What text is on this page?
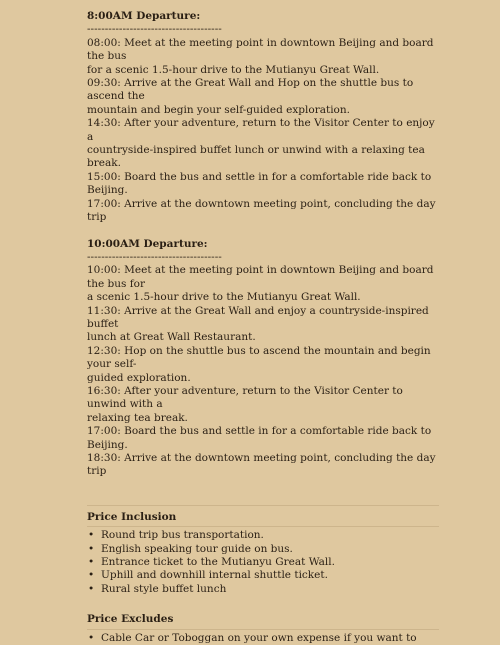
8:00AM Departure:

--------------------------------------

08:00: Meet at the meeting point in downtown Beijing and board the bus

for a scenic 1.5-hour drive to the Mutianyu Great Wall.

09:30: Arrive at the Great Wall and Hop on the shuttle bus to ascend the

mountain and begin your self-guided exploration.

14:30: After your adventure, return to the Visitor Center to enjoy a

countryside-inspired buffet lunch or unwind with a relaxing tea break.

15:00: Board the bus and settle in for a comfortable ride back to Beijing.

17:00: Arrive at the downtown meeting point, concluding the day trip

10:00AM Departure:

--------------------------------------

10:00: Meet at the meeting point in downtown Beijing and board the bus for

a scenic 1.5-hour drive to the Mutianyu Great Wall.

11:30: Arrive at the Great Wall and enjoy a countryside-inspired buffet

lunch at Great Wall Restaurant.

12:30: Hop on the shuttle bus to ascend the mountain and begin your self-

guided exploration.

16:30: After your adventure, return to the Visitor Center to unwind with a

relaxing tea break.

17:00: Board the bus and settle in for a comfortable ride back to Beijing.

18:30: Arrive at the downtown meeting point, concluding the day trip

Price Inclusion

• Round trip bus transportation.
• English speaking tour guide on bus.
• Entrance ticket to the Mutianyu Great Wall.
• Uphill and downhill internal shuttle ticket.
• Rural style buffet lunch

Price Excludes

• Cable Car or Toboggan on your own expense if you want to
